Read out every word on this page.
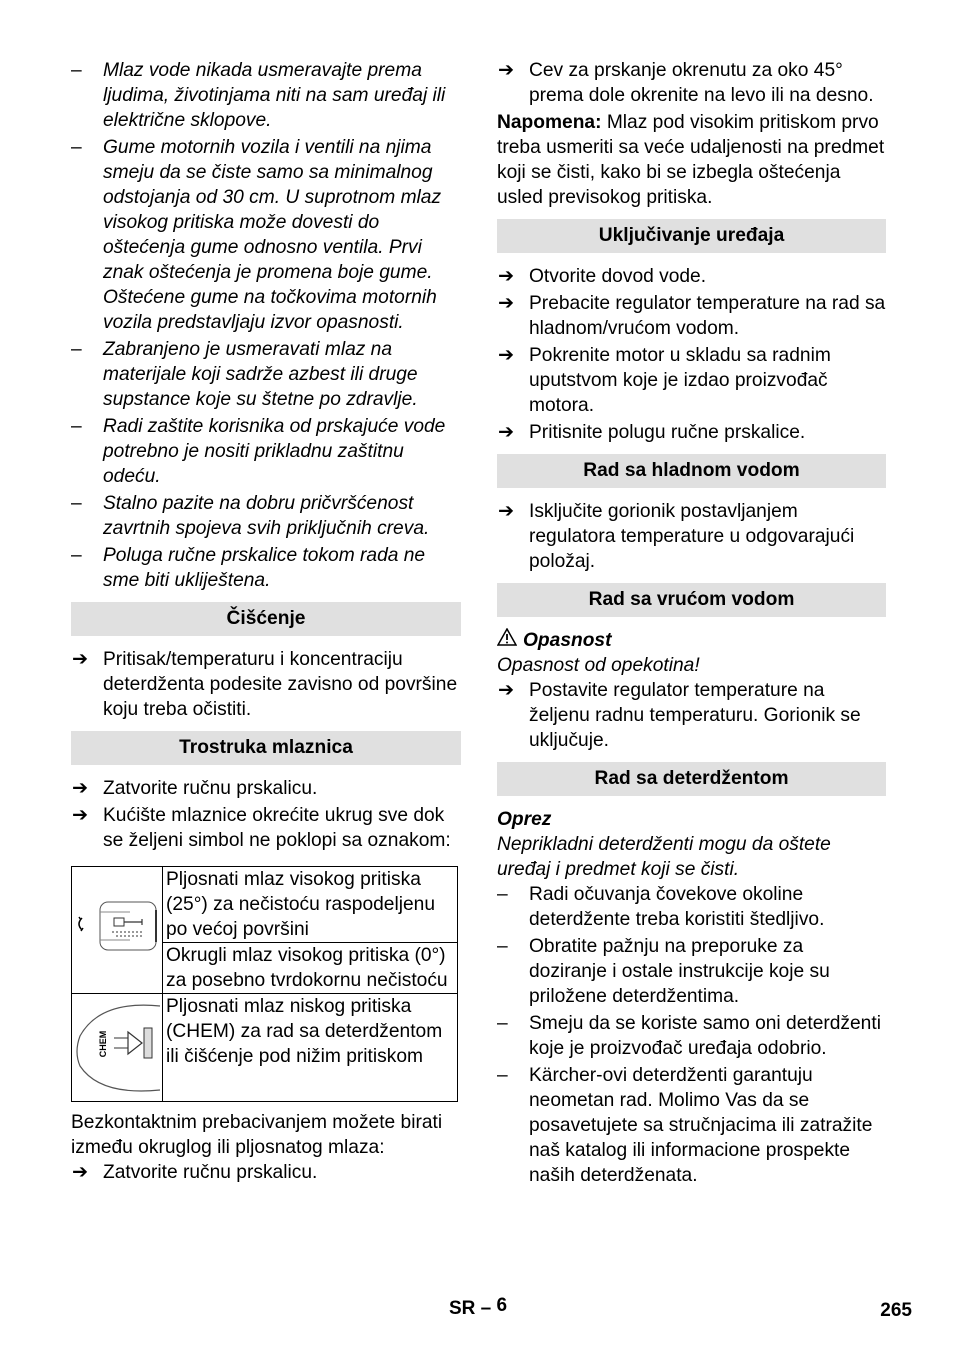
– Mlaz vode nikada usmeravajte prema ljudima, životinjama niti na sam uređaj ili električne sklopove.
– Gume motornih vozila i ventili na njima smeju da se čiste samo sa minimalnog odstojanja od 30 cm. U suprotnom mlaz visokog pritiska može dovesti do oštećenja gume odnosno ventila. Prvi znak oštećenja je promena boje gume. Oštećene gume na točkovima motornih vozila predstavljaju izvor opasnosti.
– Zabranjeno je usmeravati mlaz na materijale koji sadrže azbest ili druge supstance koje su štetne po zdravlje.
– Radi zaštite korisnika od prskajuće vode potrebno je nositi prikladnu zaštitnu odeću.
– Stalno pazite na dobru pričvršćenost zavrtnih spojeva svih priključnih creva.
– Poluga ručne prskalice tokom rada ne sme biti ukliještena.
Čišćenje
➔ Pritisak/temperaturu i koncentraciju deterdženta podesite zavisno od površine koju treba očistiti.
Trostruka mlaznica
➔ Zatvorite ručnu prskalicu.
➔ Kućište mlaznice okrećite ukrug sve dok se željeni simbol ne poklopi sa oznakom:
	Pljosnati mlaz visokog pritiska (25°) za nečistoću raspodeljenu po većoj površini
	Okrugli mlaz visokog pritiska (0°) za posebno tvrdokornu nečistoću

CHEM	Pljosnati mlaz niskog pritiska (CHEM) za rad sa deterdžentom ili čišćenje pod nižim pritiskom

Bezkontaktnim prebacivanjem možete birati između okruglog ili pljosnatog mlaza:

➔ Zatvorite ručnu prskalicu.
➔ Cev za prskanje okrenutu za oko 45° prema dole okrenite na levo ili na desno.

Napomena: Mlaz pod visokim pritiskom prvo treba usmeriti sa veće udaljenosti na predmet koji se čisti, kako bi se izbegla oštećenja usled previsokog pritiska.

Uključivanje uređaja
➔ Otvorite dovod vode.
➔ Prebacite regulator temperature na rad sa hladnom/vrućom vodom.
➔ Pokrenite motor u skladu sa radnim uputstvom koje je izdao proizvođač motora.
➔ Pritisnite polugu ručne prskalice.
Rad sa hladnom vodom
➔ Isključite gorionik postavljanjem regulatora temperature u odgovarajući položaj.
Rad sa vrućom vodom
Opasnost

Opasnost od opekotina!

➔ Postavite regulator temperature na željenu radnu temperaturu. Gorionik se uključuje.
Rad sa deterdžentom
Oprez

Neprikladni deterdženti mogu da oštete uređaj i predmet koji se čisti.

– Radi očuvanja čovekove okoline deterdžente treba koristiti štedljivo.
– Obratite pažnju na preporuke za doziranje i ostale instrukcije koje su priložene deterdžentima.
– Smeju da se koriste samo oni deterdženti koje je proizvođač uređaja odobrio.
– Kärcher-ovi deterdženti garantuju neometan rad. Molimo Vas da se posavetujete sa stručnjacima ili zatražite naš katalog ili informacione prospekte naših deterdženata.
SR – 6	265
